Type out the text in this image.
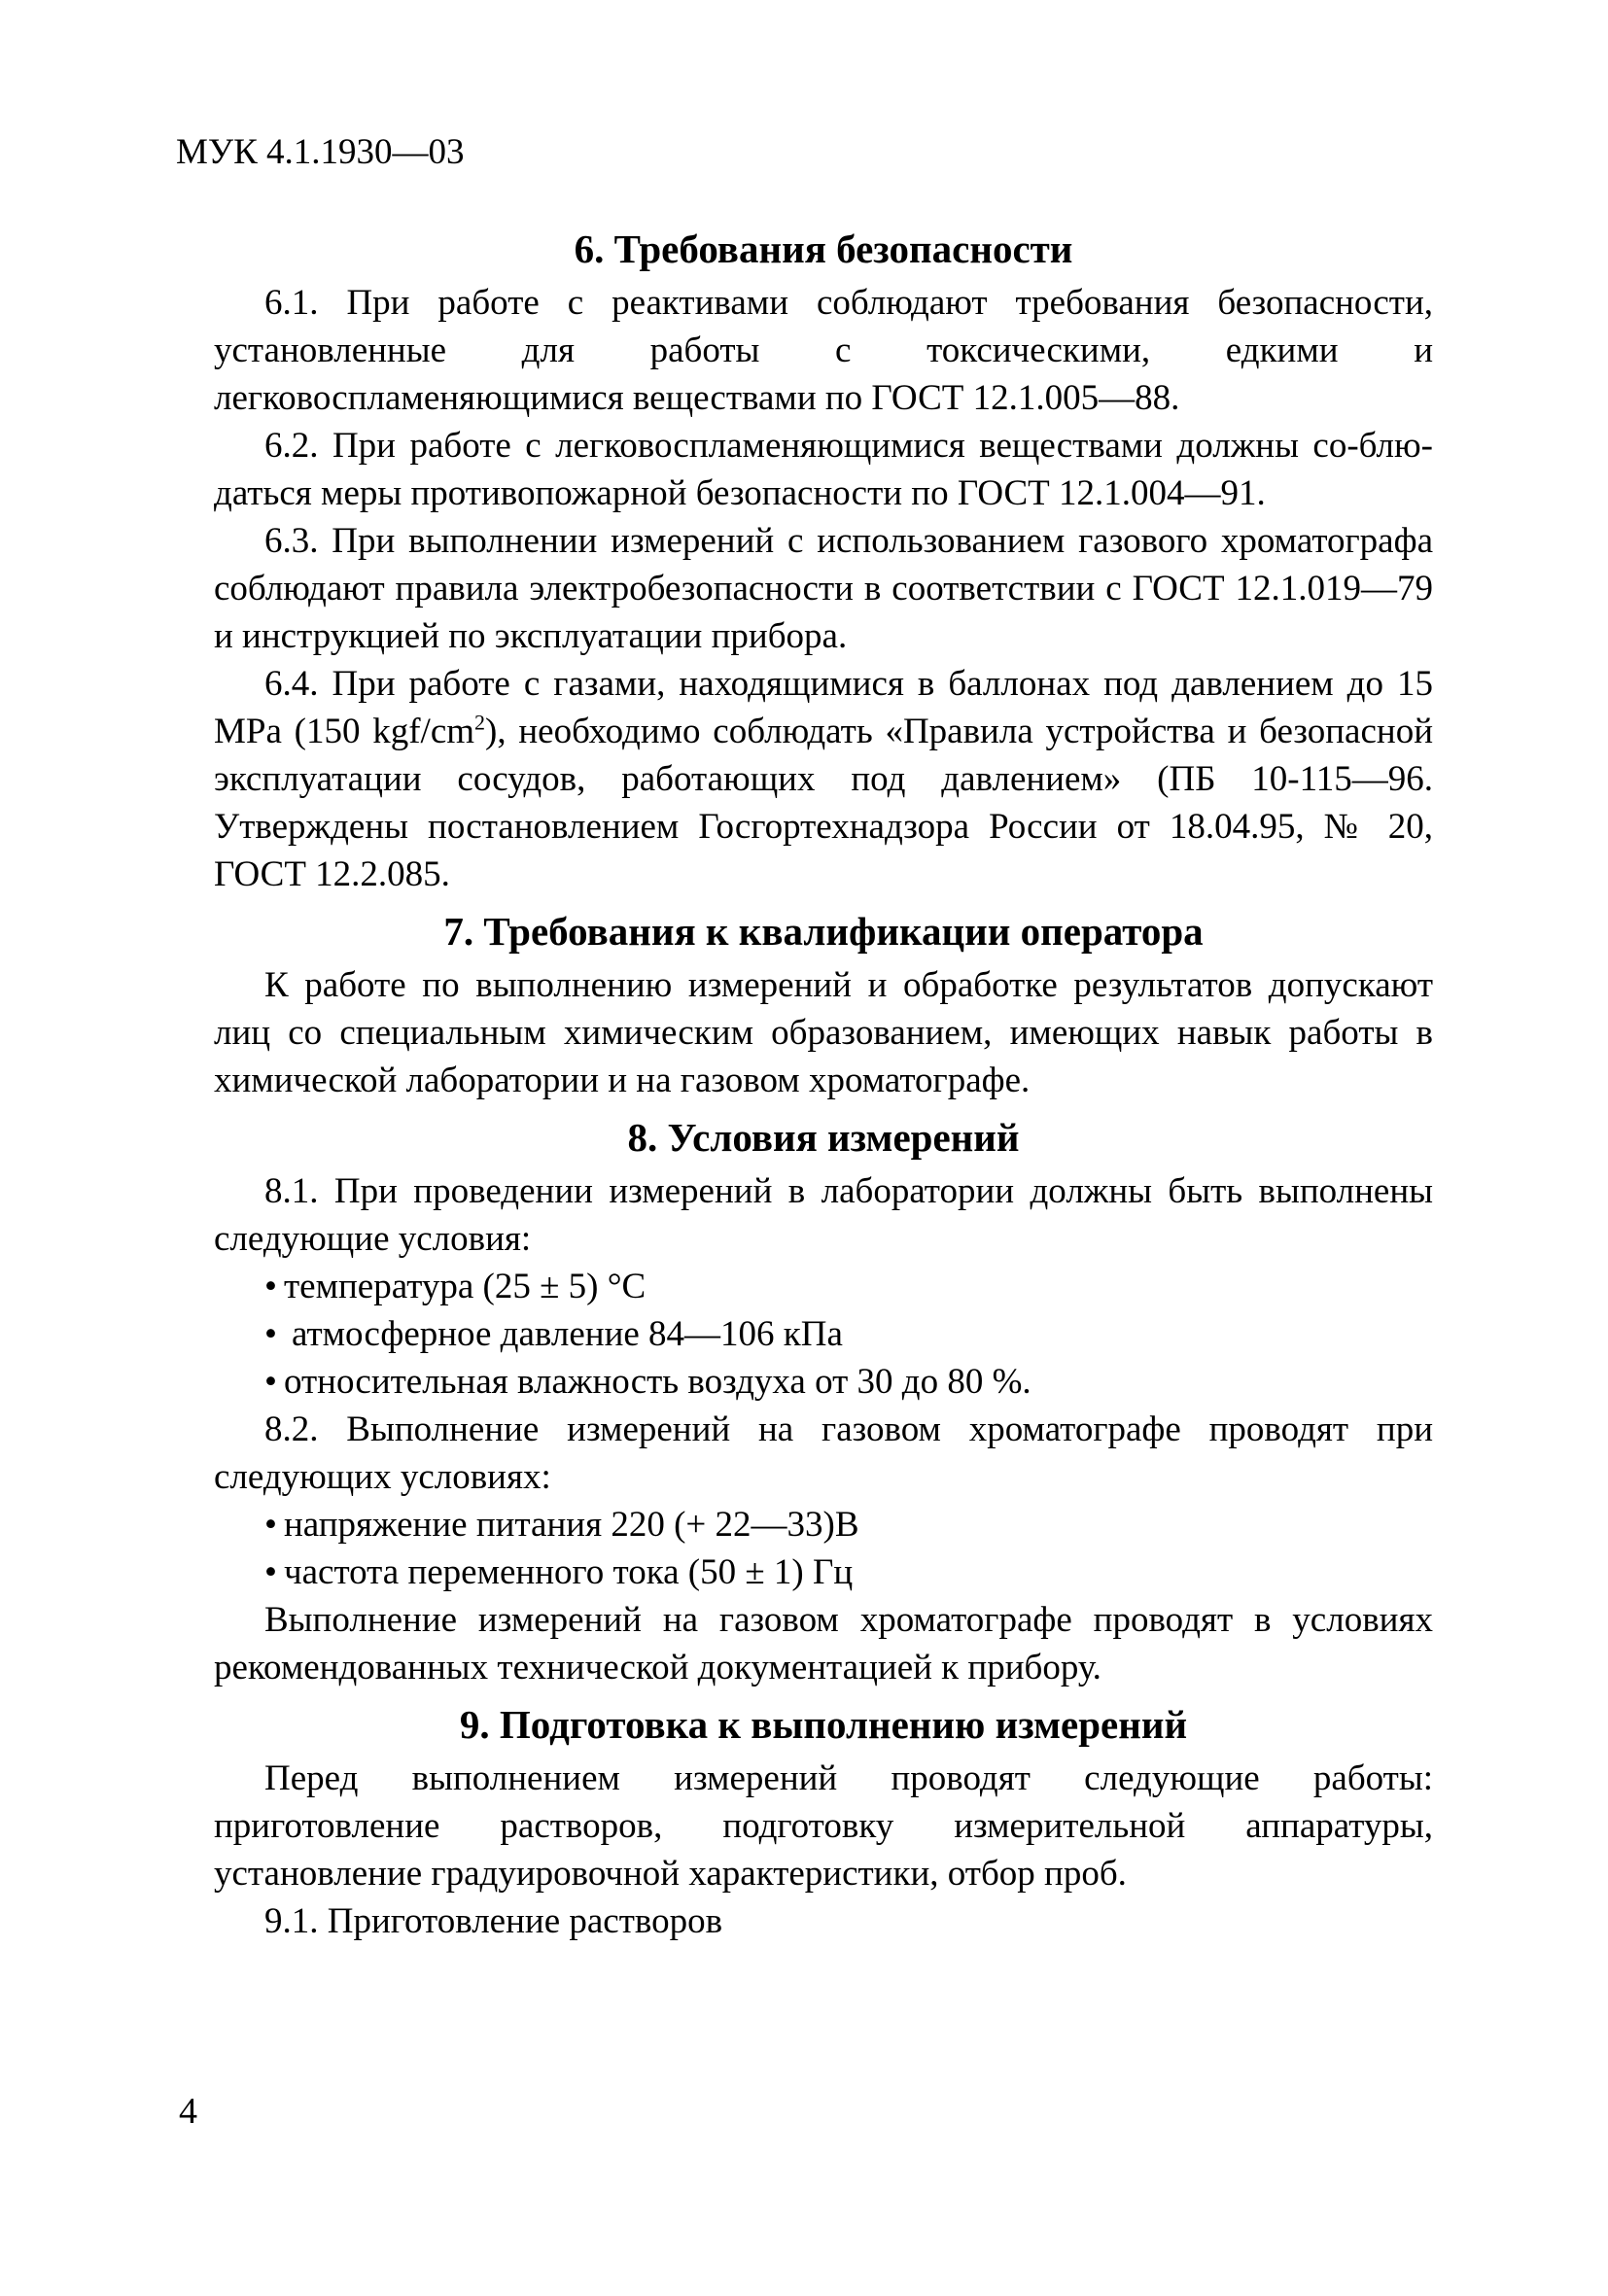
МУК 4.1.1930—03
6. Требования безопасности

6.1. При работе с реактивами соблюдают требования безопасности, установленные для работы с токсическими, едкими и легковоспламеняющимися веществами по ГОСТ 12.1.005—88.

6.2. При работе с легковоспламеняющимися веществами должны со-блю-даться меры противопожарной безопасности по ГОСТ 12.1.004—91.

6.3. При выполнении измерений с использованием газового хроматографа соблюдают правила электробезопасности в соответствии с ГОСТ 12.1.019—79 и инструкцией по эксплуатации прибора.

6.4. При работе с газами, находящимися в баллонах под давлением до 15 МРа (150 kgf/$cm^2$), необходимо соблюдать «Правила устройства и безопасной эксплуатации сосудов, работающих под давлением» (ПБ 10-115—96. Утверждены постановлением Госгортехнадзора России от 18.04.95, № 20, ГОСТ 12.2.085.

7. Требования к квалификации оператора

К работе по выполнению измерений и обработке результатов допускают лиц со специальным химическим образованием, имеющих навык работы в химической лаборатории и на газовом хроматографе.

8. Условия измерений

8.1. При проведении измерений в лаборатории должны быть выполнены следующие условия:

• температура (25 ± 5) °С
• атмосферное давление 84—106 кПа
• относительная влажность воздуха от 30 до 80 %.

8.2. Выполнение измерений на газовом хроматографе проводят при следующих условиях:

• напряжение питания 220 (+ 22—33)В
• частота переменного тока (50 ± 1) Гц

Выполнение измерений на газовом хроматографе проводят в условиях рекомендованных технической документацией к прибору.

9. Подготовка к выполнению измерений

Перед выполнением измерений проводят следующие работы: приготовление растворов, подготовку измерительной аппаратуры, установление градуировочной характеристики, отбор проб.

9.1. Приготовление растворов

4
